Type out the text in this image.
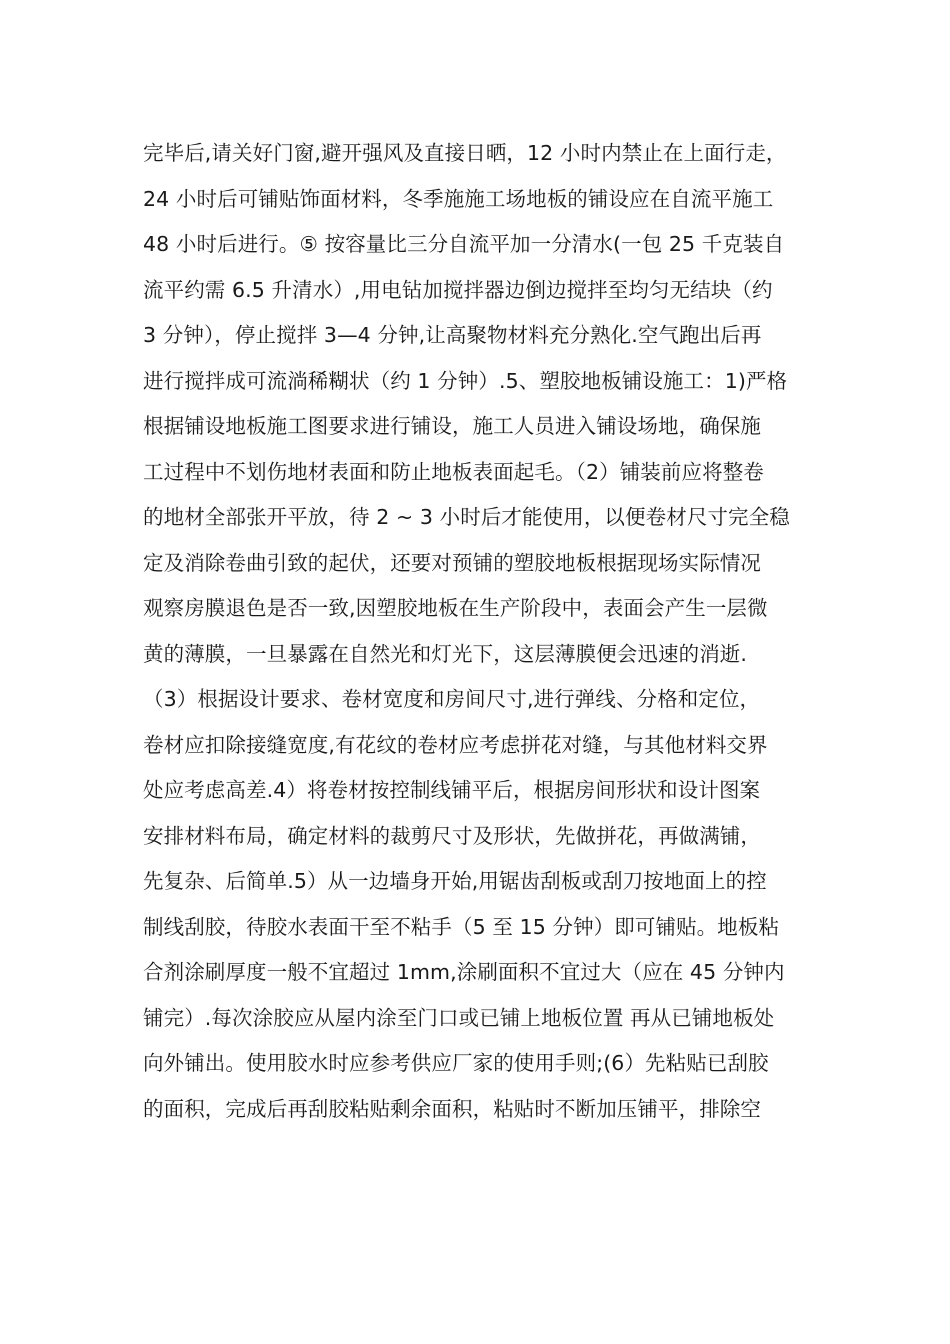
完毕后,请关好门窗,避开强风及直接日晒，12 小时内禁止在上面行走，
24 小时后可铺贴饰面材料，冬季施施工场地板的铺设应在自流平施工
48 小时后进行。⑤ 按容量比三分自流平加一分清水(一包 25 千克装自
流平约需 6.5 升清水）,用电钻加搅拌器边倒边搅拌至均匀无结块（约
3 分钟），停止搅拌 3—4 分钟,让高聚物材料充分熟化.空气跑出后再
进行搅拌成可流淌稀糊状（约 1 分钟）.5、塑胶地板铺设施工：1)严格
根据铺设地板施工图要求进行铺设，施工人员进入铺设场地，确保施
工过程中不划伤地材表面和防止地板表面起毛。（2）铺装前应将整卷
的地材全部张开平放，待 2 ~ 3 小时后才能使用，以便卷材尺寸完全稳
定及消除卷曲引致的起伏，还要对预铺的塑胶地板根据现场实际情况
观察房膜退色是否一致,因塑胶地板在生产阶段中，表面会产生一层微
黄的薄膜，一旦暴露在自然光和灯光下，这层薄膜便会迅速的消逝.
（3）根据设计要求、卷材宽度和房间尺寸,进行弹线、分格和定位，
卷材应扣除接缝宽度,有花纹的卷材应考虑拼花对缝，与其他材料交界
处应考虑高差.4）将卷材按控制线铺平后，根据房间形状和设计图案
安排材料布局，确定材料的裁剪尺寸及形状，先做拼花，再做满铺，
先复杂、后简单.5）从一边墙身开始,用锯齿刮板或刮刀按地面上的控
制线刮胶，待胶水表面干至不粘手（5 至 15 分钟）即可铺贴。地板粘
合剂涂刷厚度一般不宜超过 1mm,涂刷面积不宜过大（应在 45 分钟内
铺完）.每次涂胶应从屋内涂至门口或已铺上地板位置 再从已铺地板处
向外铺出。使用胶水时应参考供应厂家的使用手则;(6）先粘贴已刮胶
的面积，完成后再刮胶粘贴剩余面积，粘贴时不断加压铺平，排除空
